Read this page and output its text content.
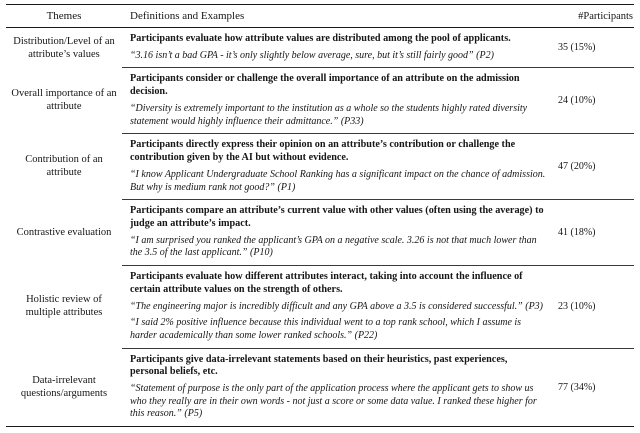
Themes	Definitions and Examples	#Participants
Distribution/Level of an attribute’s values

Participants evaluate how attribute values are distributed among the pool of applicants.

“3.16 isn’t a bad GPA - it’s only slightly below average, sure, but it’s still fairly good” (P2)

35 (15%)
Overall importance of an attribute

Participants consider or challenge the overall importance of an attribute on the admission decision.

“Diversity is extremely important to the institution as a whole so the students highly rated diversity statement would highly influence their admittance.” (P33)

24 (10%)
Contribution of an attribute

Participants directly express their opinion on an attribute’s contribution or challenge the contribution given by the AI but without evidence.

“I know Applicant Undergraduate School Ranking has a significant impact on the chance of admission. But why is medium rank not good?” (P1)

47 (20%)
Contrastive evaluation

Participants compare an attribute’s current value with other values (often using the average) to judge an attribute’s impact.

“I am surprised you ranked the applicant’s GPA on a negative scale. 3.26 is not that much lower than the 3.5 of the last applicant.” (P10)

41 (18%)
Holistic review of multiple attributes

Participants evaluate how different attributes interact, taking into account the influence of certain attribute values on the strength of others.

“The engineering major is incredibly difficult and any GPA above a 3.5 is considered successful.” (P3)

“I said 2% positive influence because this individual went to a top rank school, which I assume is harder academically than some lower ranked schools.” (P22)

23 (10%)
Data-irrelevant questions/arguments

Participants give data-irrelevant statements based on their heuristics, past experiences, personal beliefs, etc.

“Statement of purpose is the only part of the application process where the applicant gets to show us who they really are in their own words - not just a score or some data value. I ranked these higher for this reason.” (P5)

77 (34%)
